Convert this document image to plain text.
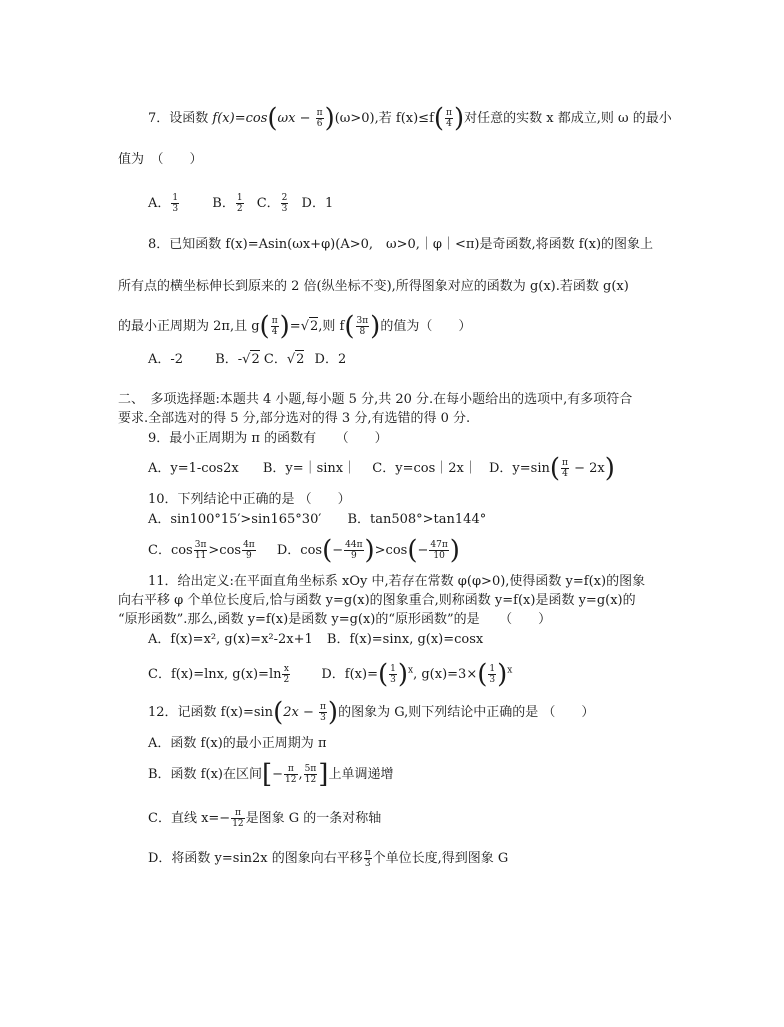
7．设函数 $f(x)=\cos(\omega x - \frac{\pi}{6} )(\omega>0)$,若 $f(x)\le f( \frac{\pi}{4}$ )对任意的实数 x 都成立,则 ω 的最小
值为　（　　）
A． $\frac{1}{3}$	B． $\frac{1}{2}$ C． $\frac{2}{3}$ D．1
8．已知函数 f(x)=Asin(ωx+φ)(A>0,　ω>0,｜φ｜<π)是奇函数,将函数 f(x)的图象上
所有点的横坐标伸长到原来的 2 倍(纵坐标不变),所得图象对应的函数为 g(x).若函数 g(x)
的最小正周期为 2π,且 $g( \frac{\pi}{4} )=√2$,则 $f( \frac{3\pi}{8}$ )的值为（　　）
A．-2 B．-√2 C．√2 D．2
二、　多项选择题:本题共 4 小题,每小题 5 分,共 20 分.在每小题给出的选项中,有多项符合
要求.全部选对的得 5 分,部分选对的得 3 分,有选错的得 0 分.
9．最小正周期为 π 的函数有　　（　　）
A．y=1-cos2x B．y=｜sinx｜ C．y=cos｜2x｜ D．$y=\sin( \frac{\pi}{4} - 2x)$
10．下列结论中正确的是 （　　）
A．sin100°15′>sin165°30′ B．tan508°>tan144°
C．$\cos \frac{3\pi}{11} >\cos \frac{4\pi}{9}$ D．$\cos(- \frac{44\pi}{9} )>\cos(- \frac{47\pi}{10}$ )
11．给出定义:在平面直角坐标系 xOy 中,若存在常数 φ(φ>0),使得函数 y=f(x)的图象
向右平移 φ 个单位长度后,恰与函数 y=g(x)的图象重合,则称函数 y=f(x)是函数 y=g(x)的
“原形函数”.那么,函数 y=f(x)是函数 y=g(x)的“原形函数”的是　　（　　）
A．f(x)=x², g(x)=x²-2x+1 B．f(x)=sinx, g(x)=cosx
C．f(x)=lnx, $g(x)=\ln \frac{x}{2}$ D．$f(x)=( \frac{1}{3} )^x$, $g(x)=3\times( \frac{1}{3} )^x$
12．记函数 $f(x)=\sin(2x - \frac{\pi}{3}$ )的图象为 G,则下列结论中正确的是 （　　）
A．函数 f(x)的最小正周期为 π
B．函数 f(x)在区间[− $\frac{\pi}{12}$ , $\frac{5\pi}{12}$ ]上单调递增
C．直线 $x=- \frac{\pi}{12}$ 是图象 G 的一条对称轴
D．将函数 y=sin2x 的图象向右平移 $\frac{\pi}{3}$ 个单位长度,得到图象 G
